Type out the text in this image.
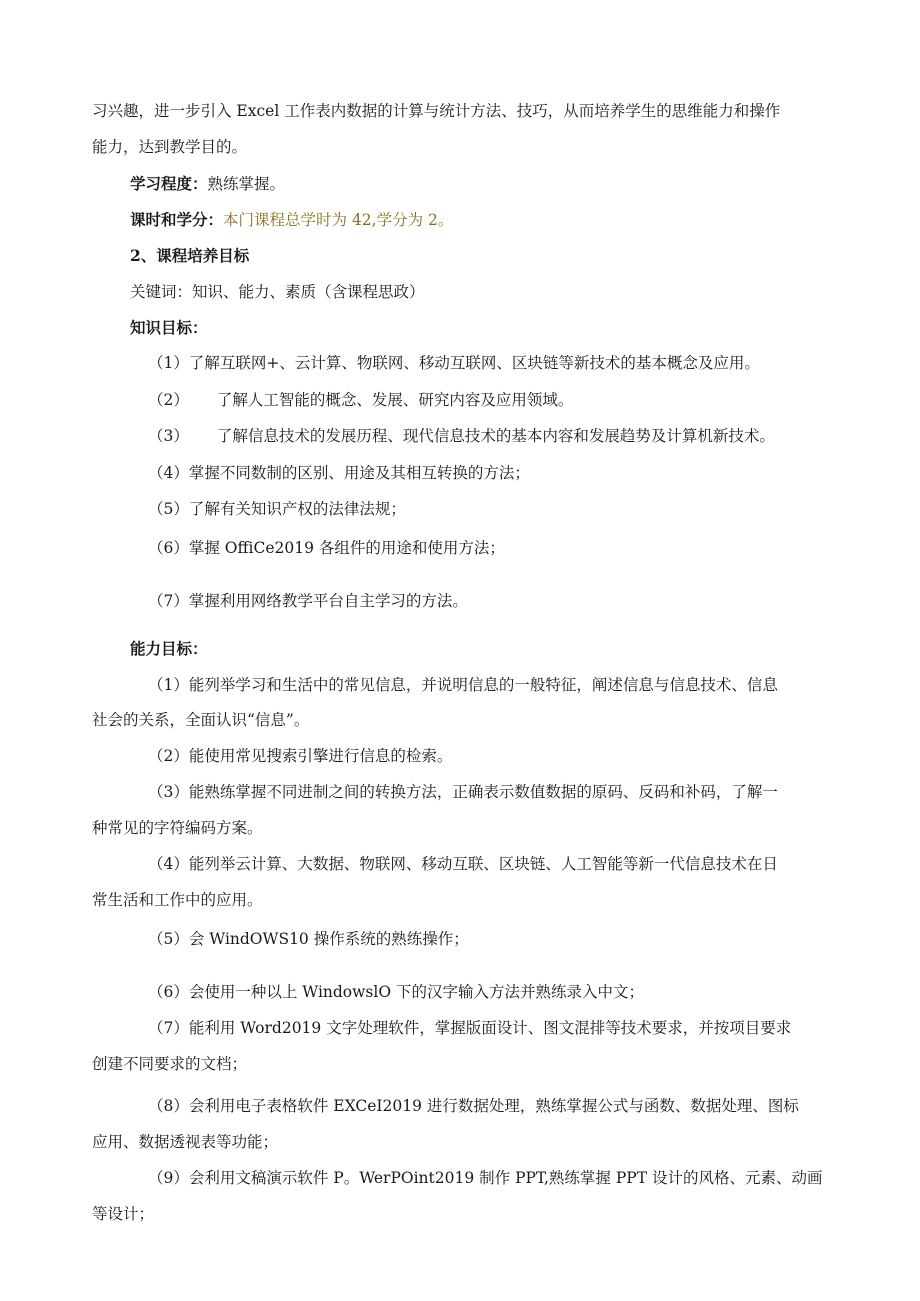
习兴趣，进一步引入 Excel 工作表内数据的计算与统计方法、技巧，从而培养学生的思维能力和操作
能力，达到教学目的。
学习程度：熟练掌握。
课时和学分：本门课程总学时为 42,学分为 2。
2、课程培养目标
关键词：知识、能力、素质（含课程思政）
知识目标：
（1）了解互联网+、云计算、物联网、移动互联网、区块链等新技术的基本概念及应用。
（2） 了解人工智能的概念、发展、研究内容及应用领域。
（3） 了解信息技术的发展历程、现代信息技术的基本内容和发展趋势及计算机新技术。
（4）掌握不同数制的区别、用途及其相互转换的方法；
（5）了解有关知识产权的法律法规；
（6）掌握 OffiCe2019 各组件的用途和使用方法；
（7）掌握利用网络教学平台自主学习的方法。
能力目标：
（1）能列举学习和生活中的常见信息，并说明信息的一般特征，阐述信息与信息技术、信息
社会的关系，全面认识“信息”。
（2）能使用常见搜索引擎进行信息的检索。
（3）能熟练掌握不同进制之间的转换方法，正确表示数值数据的原码、反码和补码，了解一
种常见的字符编码方案。
（4）能列举云计算、大数据、物联网、移动互联、区块链、人工智能等新一代信息技术在日
常生活和工作中的应用。
（5）会 WindOWS10 操作系统的熟练操作；
（6）会使用一种以上 WindowslO 下的汉字输入方法并熟练录入中文；
（7）能利用 Word2019 文字处理软件，掌握版面设计、图文混排等技术要求，并按项目要求
创建不同要求的文档；
（8）会利用电子表格软件 EXCeI2019 进行数据处理，熟练掌握公式与函数、数据处理、图标
应用、数据透视表等功能；
（9）会利用文稿演示软件 P。WerPOint2019 制作 PPT,熟练掌握 PPT 设计的风格、元素、动画
等设计；
